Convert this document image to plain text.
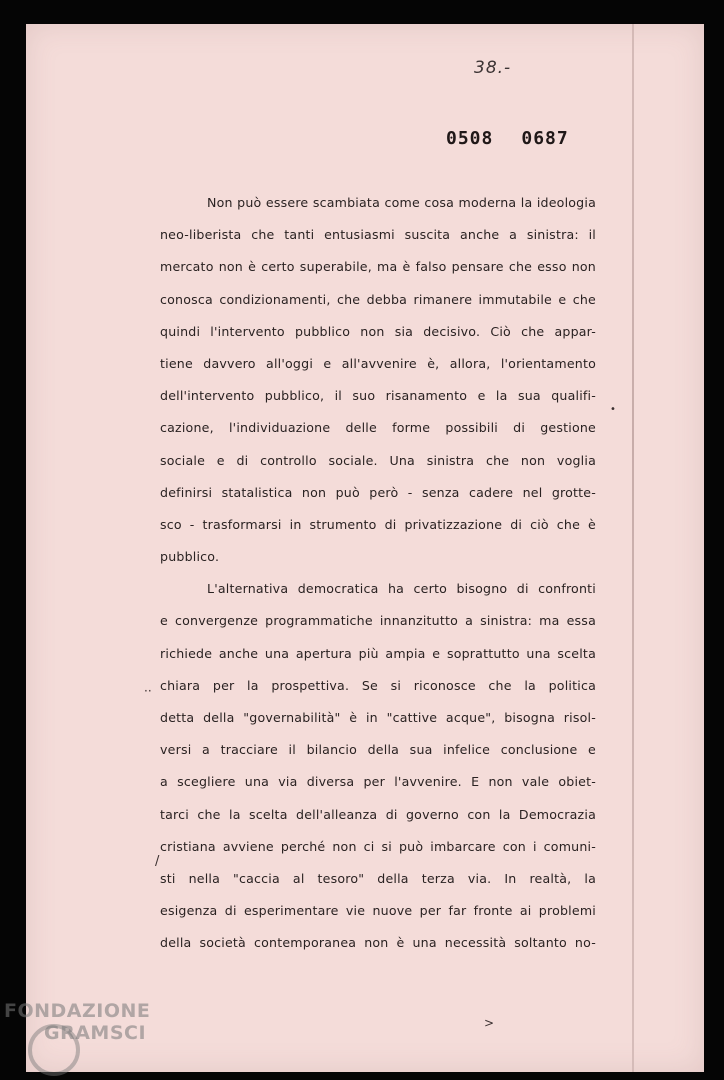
38.-
0508 0687
Non può essere scambiata come cosa moderna la ideologia
neo-liberista che tanti entusiasmi suscita anche a sinistra: il
mercato non è certo superabile, ma è falso pensare che esso non
conosca condizionamenti, che debba rimanere immutabile e che
quindi l'intervento pubblico non sia decisivo. Ciò che appar-
tiene davvero all'oggi e all'avvenire è, allora, l'orientamento
dell'intervento pubblico, il suo risanamento e la sua qualifi-
cazione, l'individuazione delle forme possibili di gestione
sociale e di controllo sociale. Una sinistra che non voglia
definirsi statalistica non può però - senza cadere nel grotte-
sco - trasformarsi in strumento di privatizzazione di ciò che è
pubblico.
L'alternativa democratica ha certo bisogno di confronti
e convergenze programmatiche innanzitutto a sinistra: ma essa
richiede anche una apertura più ampia e soprattutto una scelta
chiara per la prospettiva. Se si riconosce che la politica
detta della "governabilità" è in "cattive acque", bisogna risol-
versi a tracciare il bilancio della sua infelice conclusione e
a scegliere una via diversa per l'avvenire. E non vale obiet-
tarci che la scelta dell'alleanza di governo con la Democrazia
cristiana avviene perché non ci si può imbarcare con i comuni-
sti nella "caccia al tesoro" della terza via. In realtà, la
esigenza di esperimentare vie nuove per far fronte ai problemi
della società contemporanea non è una necessità soltanto no-
··
/
•
>
FONDAZIONE
GRAMSCI
